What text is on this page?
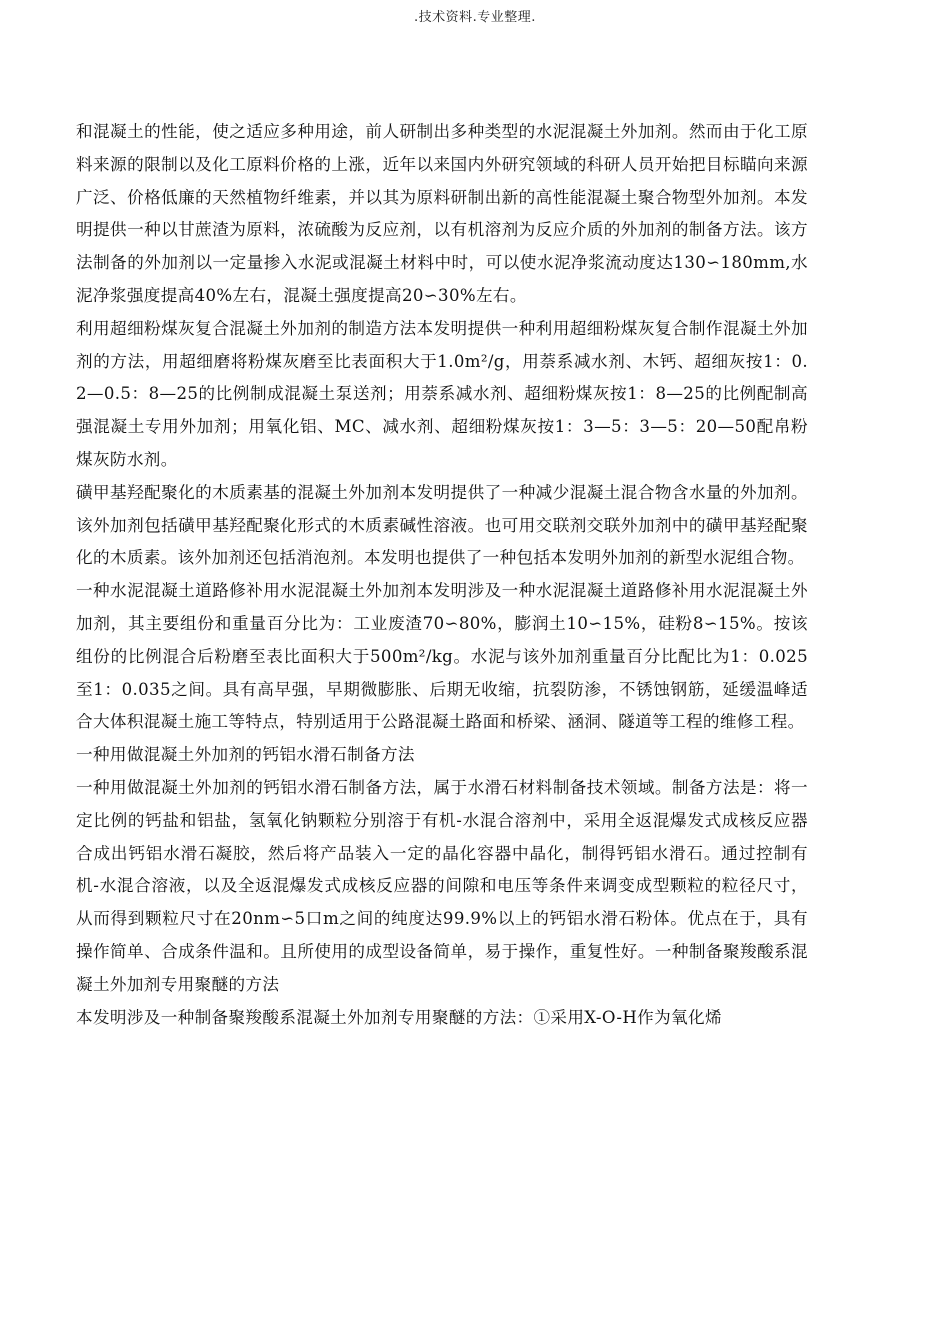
.技术资料.专业整理.

和混凝土的性能，使之适应多种用途，前人研制出多种类型的水泥混凝土外加剂。然而由于化工原料来源的限制以及化工原料价格的上涨，近年以来国内外研究领域的科研人员开始把目标瞄向来源广泛、价格低廉的天然植物纤维素，并以其为原料研制出新的高性能混凝土聚合物型外加剂。本发明提供一种以甘蔗渣为原料，浓硫酸为反应剂，以有机溶剂为反应介质的外加剂的制备方法。该方法制备的外加剂以一定量掺入水泥或混凝土材料中时，可以使水泥净浆流动度达130∽180mm,水泥净浆强度提高40%左右，混凝土强度提高20∽30%左右。

利用超细粉煤灰复合混凝土外加剂的制造方法本发明提供一种利用超细粉煤灰复合制作混凝土外加剂的方法，用超细磨将粉煤灰磨至比表面积大于1.0m²/g，用萘系减水剂、木钙、超细灰按1：0.2—0.5：8—25的比例制成混凝土泵送剂；用萘系减水剂、超细粉煤灰按1：8—25的比例配制高强混凝土专用外加剂；用氧化铝、MC、减水剂、超细粉煤灰按1：3—5：3—5：20—50配帛粉煤灰防水剂。

磺甲基羟配聚化的木质素基的混凝土外加剂本发明提供了一种减少混凝土混合物含水量的外加剂。该外加剂包括磺甲基羟配聚化形式的木质素碱性溶液。也可用交联剂交联外加剂中的磺甲基羟配聚化的木质素。该外加剂还包括消泡剂。本发明也提供了一种包括本发明外加剂的新型水泥组合物。

一种水泥混凝土道路修补用水泥混凝土外加剂本发明涉及一种水泥混凝土道路修补用水泥混凝土外加剂，其主要组份和重量百分比为：工业废渣70∽80%，膨润土10∽15%，硅粉8∽15%。按该组份的比例混合后粉磨至表比面积大于500m²/kg。水泥与该外加剂重量百分比配比为1：0.025至1：0.035之间。具有高早强，早期微膨胀、后期无收缩，抗裂防渗，不锈蚀钢筋，延缓温峰适合大体积混凝土施工等特点，特别适用于公路混凝土路面和桥梁、涵洞、隧道等工程的维修工程。

一种用做混凝土外加剂的钙铝水滑石制备方法

一种用做混凝土外加剂的钙铝水滑石制备方法，属于水滑石材料制备技术领域。制备方法是：将一定比例的钙盐和铝盐，氢氧化钠颗粒分别溶于有机-水混合溶剂中，采用全返混爆发式成核反应器合成出钙铝水滑石凝胶，然后将产品装入一定的晶化容器中晶化，制得钙铝水滑石。通过控制有机-水混合溶液，以及全返混爆发式成核反应器的间隙和电压等条件来调变成型颗粒的粒径尺寸，从而得到颗粒尺寸在20nm∽5口m之间的纯度达99.9%以上的钙铝水滑石粉体。优点在于，具有操作简单、合成条件温和。且所使用的成型设备简单，易于操作，重复性好。一种制备聚羧酸系混凝土外加剂专用聚醚的方法

本发明涉及一种制备聚羧酸系混凝土外加剂专用聚醚的方法：①采用X-O-H作为氧化烯
